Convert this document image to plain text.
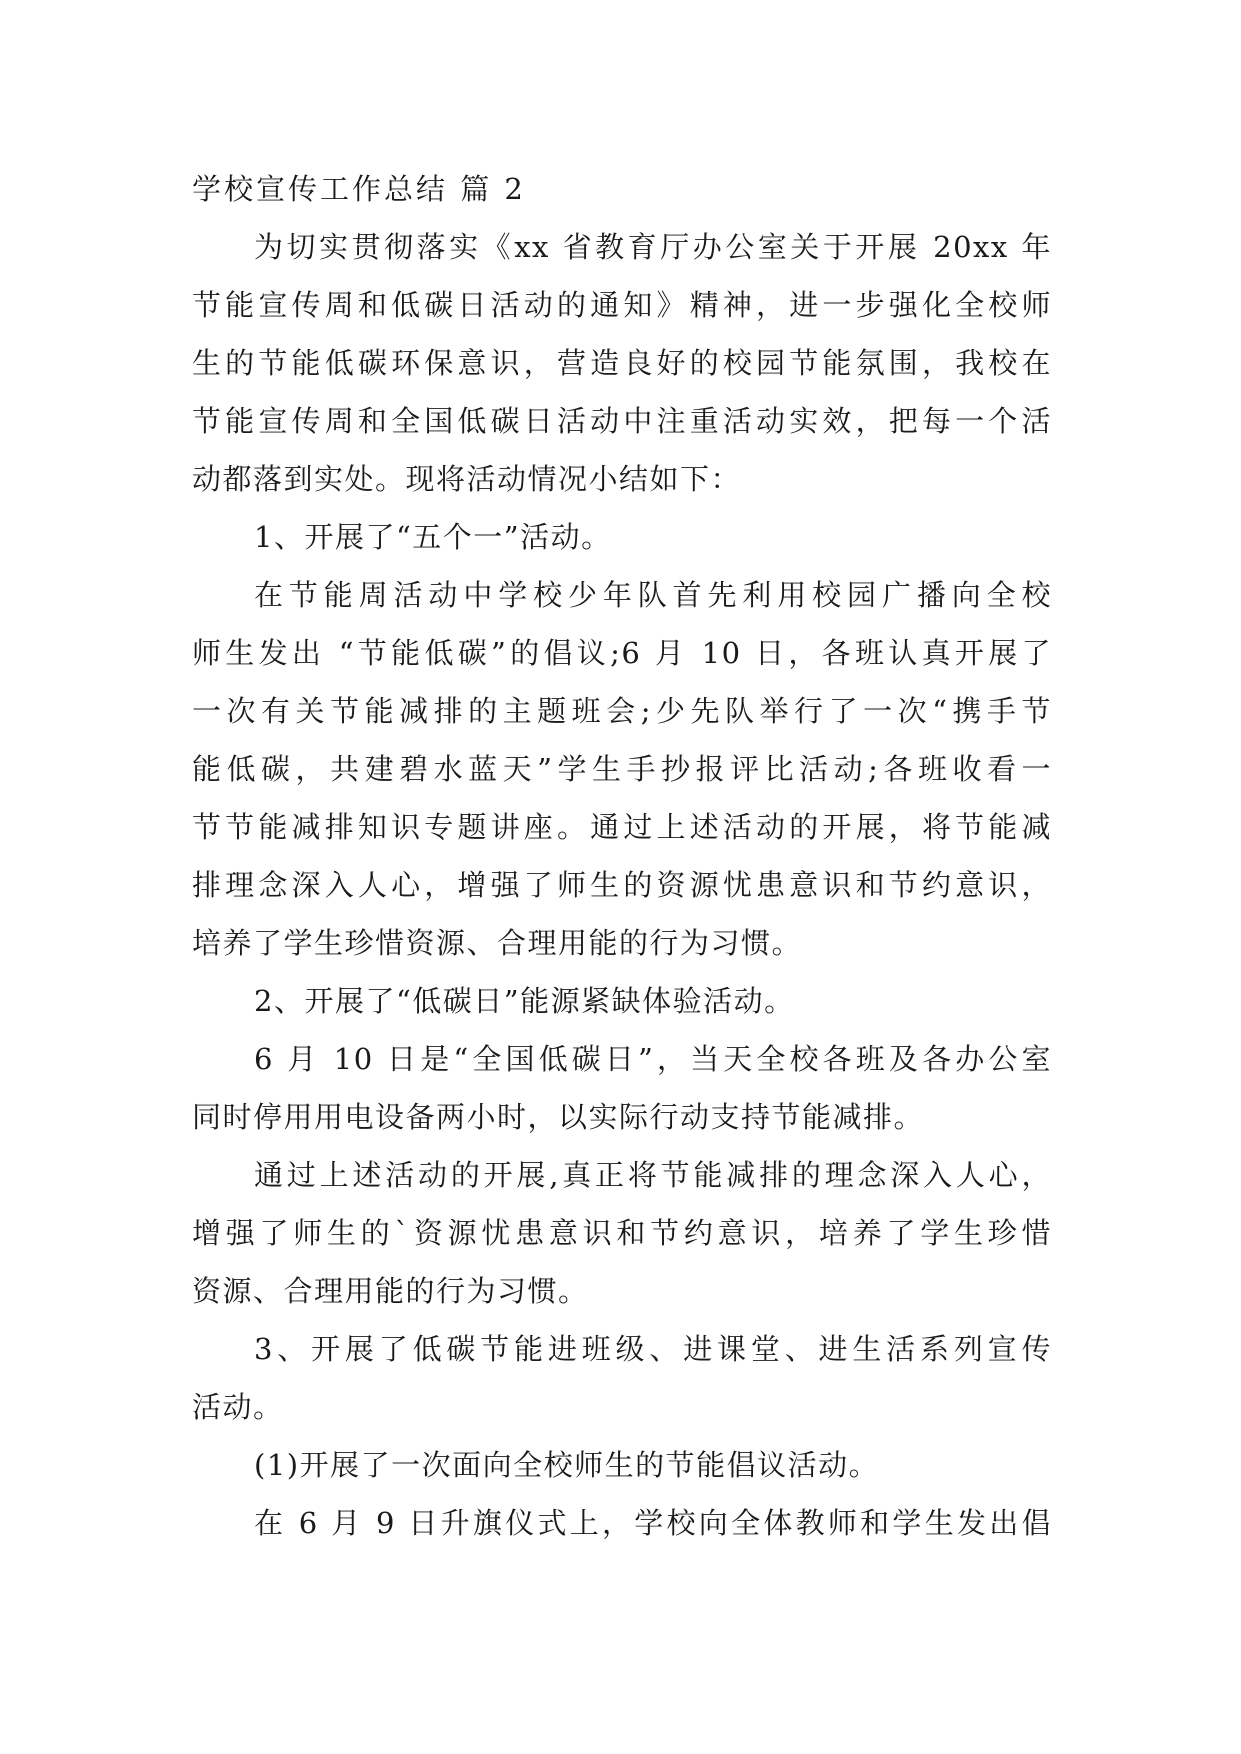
学校宣传工作总结 篇 2
为切实贯彻落实《xx 省教育厅办公室关于开展 20xx 年
节能宣传周和低碳日活动的通知》精神，进一步强化全校师
生的节能低碳环保意识，营造良好的校园节能氛围，我校在
节能宣传周和全国低碳日活动中注重活动实效，把每一个活
动都落到实处。现将活动情况小结如下：
1、开展了“五个一”活动。
在节能周活动中学校少年队首先利用校园广播向全校
师生发出 “节能低碳”的倡议;6 月 10 日，各班认真开展了
一次有关节能减排的主题班会;少先队举行了一次“携手节
能低碳，共建碧水蓝天”学生手抄报评比活动;各班收看一
节节能减排知识专题讲座。通过上述活动的开展，将节能减
排理念深入人心，增强了师生的资源忧患意识和节约意识，
培养了学生珍惜资源、合理用能的行为习惯。
2、开展了“低碳日”能源紧缺体验活动。
6 月 10 日是“全国低碳日”，当天全校各班及各办公室
同时停用用电设备两小时，以实际行动支持节能减排。
通过上述活动的开展,真正将节能减排的理念深入人心，
增强了师生的`资源忧患意识和节约意识，培养了学生珍惜
资源、合理用能的行为习惯。
3、开展了低碳节能进班级、进课堂、进生活系列宣传
活动。
(1)开展了一次面向全校师生的节能倡议活动。
在 6 月 9 日升旗仪式上，学校向全体教师和学生发出倡
